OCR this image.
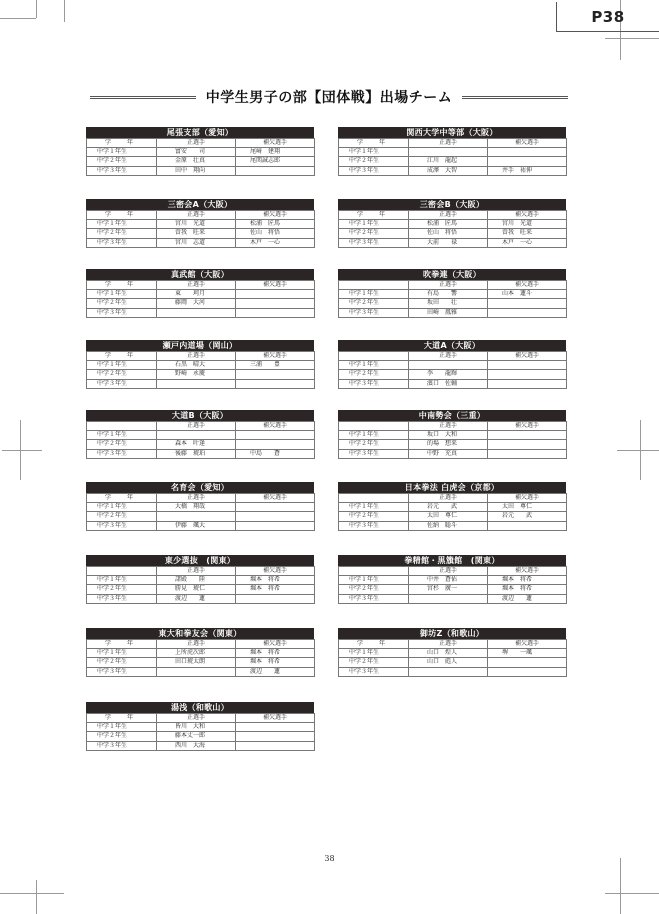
P38
中学生男子の部【団体戦】出場チーム
尾張支部（愛知）
学　年	正選手	補欠選手
中学１年生	富安　　司	尾﨑　建翔
中学２年生	金原　壮真	尾関誠志郎
中学３年生	田中　翔向	
関西大学中等部（大阪）
学　年	正選手	補欠選手
中学１年生		
中学２年生	江川　龍起	
中学３年生	成澤　大智	井手　祐伸
三密会A（大阪）
学　年	正選手	補欠選手
中学１年生	宮川　光道	松浦　匠馬
中学２年生	曽我　旺来	佐山　将悟
中学３年生	宮川　志道	木戸　一心
三密会B（大阪）
学　年	正選手	補欠選手
中学１年生	松浦　匠馬	宮川　光道
中学２年生	佐山　将悟	曽我　旺来
中学３年生	大前　　禄	木戸　一心
真武館（大阪）
学　年	正選手	補欠選手
中学１年生	東　　珂月	
中学２年生	藤岡　大河	
中学３年生		
吹拳連（大阪）
	正選手	補欠選手
中学１年生	有島　　響	山本　蓮斗
中学２年生	坂田　　壮	
中学３年生	田崎　鳳雅	
瀬戸内道場（岡山）
学　年	正選手	補欠選手
中学１年生	石黒　晴大	三浦　　豊
中学２年生	野崎　永慶	
中学３年生		
大道A（大阪）
	正選手	補欠選手
中学１年生		
中学２年生	李　　龍輝	
中学３年生	濱口　佐輔	
大道B（大阪）
	正選手	補欠選手
中学１年生		
中学２年生	森本　叶逢	
中学３年生	後藤　琥珀	中島　　蒼
中南勢会（三重）
	正選手	補欠選手
中学１年生	坂口　大和	
中学２年生	的場　想来	
中学３年生	中野　充真	
名育会（愛知）
学　年	正選手	補欠選手
中学１年生	大橋　翔哉	
中学２年生		
中学３年生	伊藤　颯大	
日本拳法 白虎会（京都）
	正選手	補欠選手
中学１年生	岩元　　武	太田　尊仁
中学２年生	太田　尊仁	岩元　　武
中学３年生	佐納　聡斗	
東少選抜　(関東）
	正選手	補欠選手
中学１年生	諸殿　　陸	堀本　将希
中学２年生	勝見　琥仁	堀本　将希
中学３年生	渡辺　　蓮	
拳精館・黒籏館　(関東）
	正選手	補欠選手
中学１年生	中井　蒼佑	堀本　将希
中学２年生	宮杉　廣一	堀本　将希
中学３年生		渡辺　　蓮
東大和拳友会（関東）
学　年	正選手	補欠選手
中学１年生	上所虎次郎	堀本　将希
中学２年生	田口琥太朗	堀本　将希
中学３年生		渡辺　　蓮
御坊Z（和歌山）
学　年	正選手	補欠選手
中学１年生	山口　煌人	堺　　一颯
中学２年生	山口　彪人	
中学３年生		
湯浅（和歌山）
学　年	正選手	補欠選手
中学１年生	皆川　大和	
中学２年生	藤本丈一郎	
中学３年生	西川　大海	
38
